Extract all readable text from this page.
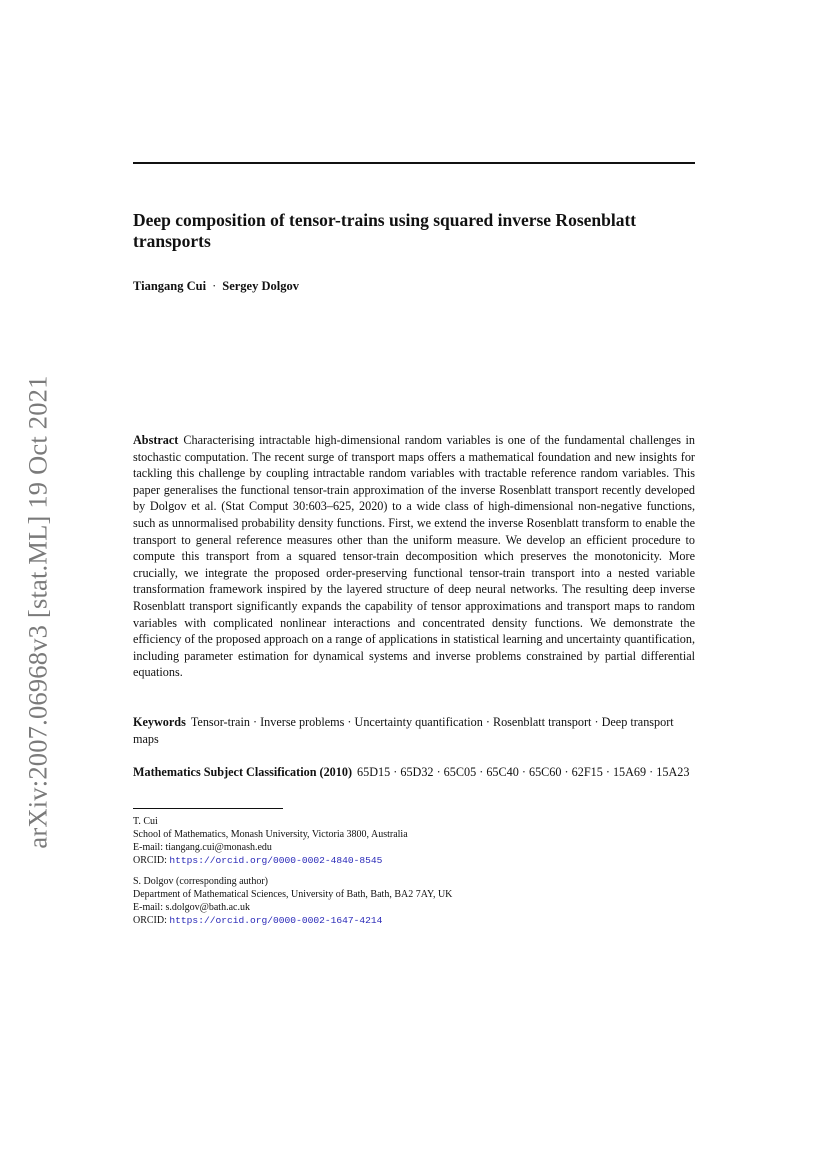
Deep composition of tensor-trains using squared inverse Rosenblatt transports
Tiangang Cui · Sergey Dolgov
arXiv:2007.06968v3 [stat.ML] 19 Oct 2021	Abstract Characterising intractable high-dimensional random variables is one of the fundamental challenges in stochastic computation. The recent surge of transport maps offers a mathematical foundation and new insights for tackling this challenge by coupling intractable random variables with tractable reference random variables. This paper generalises the functional tensor-train approximation of the inverse Rosenblatt transport recently developed by Dolgov et al. (Stat Comput 30:603–625, 2020) to a wide class of high-dimensional non-negative functions, such as unnormalised probability density functions. First, we extend the inverse Rosenblatt transform to enable the transport to general reference measures other than the uniform measure. We develop an efficient procedure to compute this transport from a squared tensor-train decomposition which preserves the monotonicity. More crucially, we integrate the proposed order-preserving functional tensor-train transport into a nested variable transformation framework inspired by the layered structure of deep neural networks. The resulting deep inverse Rosenblatt transport significantly expands the capability of tensor approximations and transport maps to random variables with complicated nonlinear interactions and concentrated density functions. We demonstrate the efficiency of the proposed approach on a range of applications in statistical learning and uncertainty quantification, including parameter estimation for dynamical systems and inverse problems constrained by partial differential equations.

Keywords Tensor-train · Inverse problems · Uncertainty quantification · Rosenblatt transport · Deep transport maps

Mathematics Subject Classification (2010) 65D15 · 65D32 · 65C05 · 65C40 · 65C60 · 62F15 · 15A69 · 15A23

T. Cui
School of Mathematics, Monash University, Victoria 3800, Australia
E-mail: tiangang.cui@monash.edu
ORCID: https://orcid.org/0000-0002-4840-8545
S. Dolgov (corresponding author)
Department of Mathematical Sciences, University of Bath, Bath, BA2 7AY, UK
E-mail: s.dolgov@bath.ac.uk
ORCID: https://orcid.org/0000-0002-1647-4214
